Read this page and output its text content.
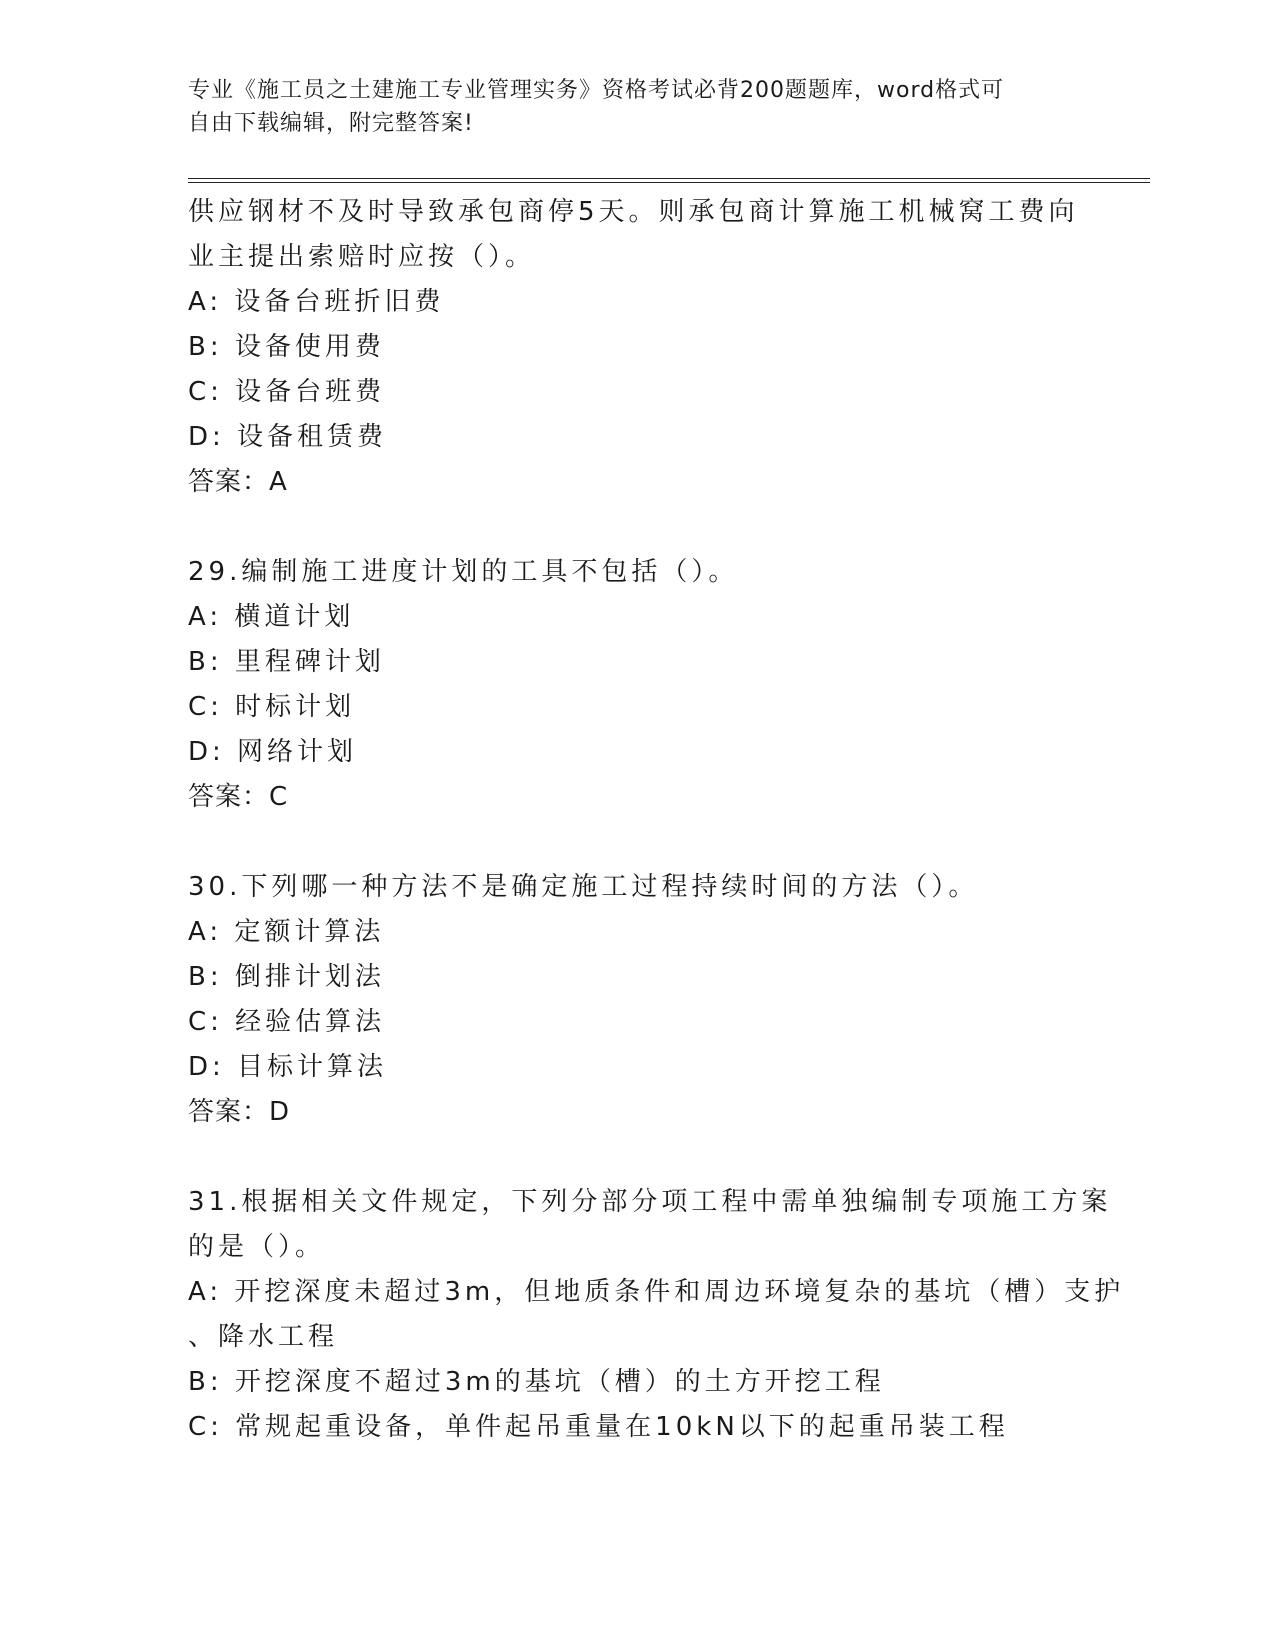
专业《施工员之土建施工专业管理实务》资格考试必背200题题库，word格式可
自由下载编辑，附完整答案!
供应钢材不及时导致承包商停5天。则承包商计算施工机械窝工费向
业主提出索赔时应按（）。
A: 设备台班折旧费
B: 设备使用费
C: 设备台班费
D: 设备租赁费
答案：A
29.编制施工进度计划的工具不包括（）。
A: 横道计划
B: 里程碑计划
C: 时标计划
D: 网络计划
答案：C
30.下列哪一种方法不是确定施工过程持续时间的方法（）。
A: 定额计算法
B: 倒排计划法
C: 经验估算法
D: 目标计算法
答案：D
31.根据相关文件规定，下列分部分项工程中需单独编制专项施工方案
的是（）。
A: 开挖深度未超过3m，但地质条件和周边环境复杂的基坑（槽）支护
、降水工程
B: 开挖深度不超过3m的基坑（槽）的土方开挖工程
C: 常规起重设备，单件起吊重量在10kN以下的起重吊装工程
